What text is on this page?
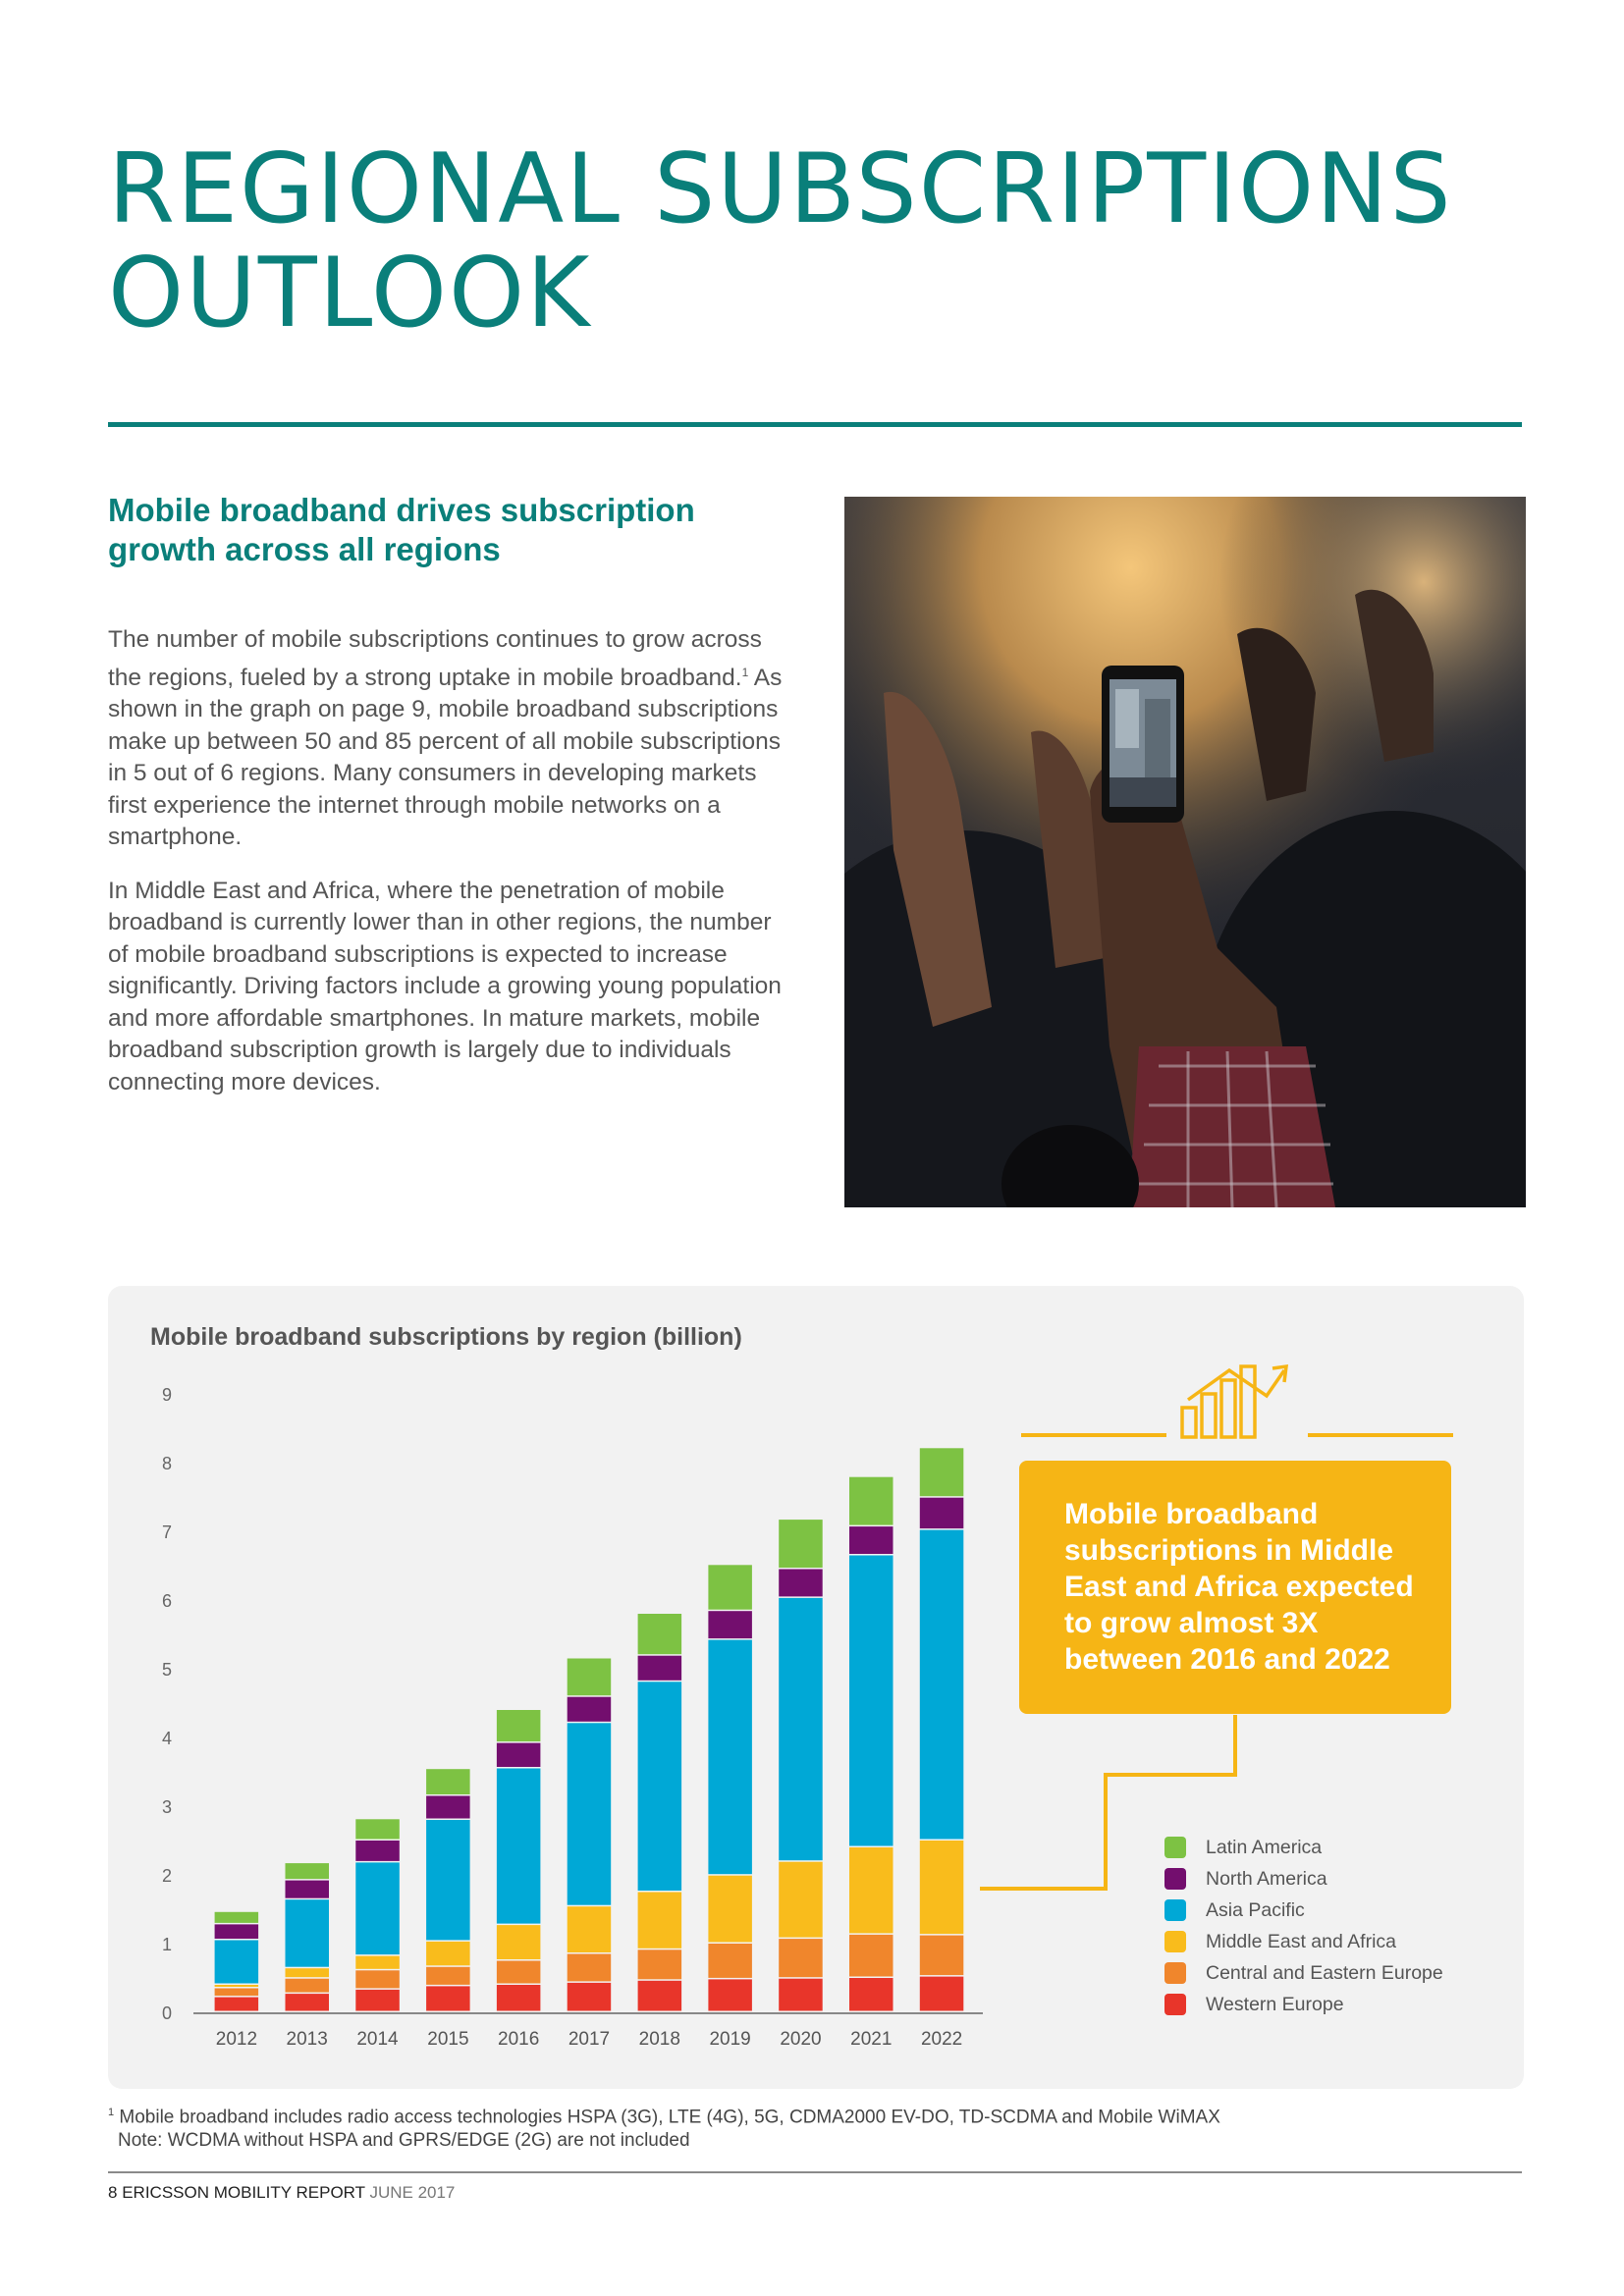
REGIONAL SUBSCRIPTIONS
OUTLOOK
Mobile broadband drives subscription growth across all regions

The number of mobile subscriptions continues to grow across the regions, fueled by a strong uptake in mobile broadband.$^1$ As shown in the graph on page 9, mobile broadband subscriptions make up between 50 and 85 percent of all mobile subscriptions in 5 out of 6 regions. Many consumers in developing markets first experience the internet through mobile networks on a smartphone.

In Middle East and Africa, where the penetration of mobile broadband is currently lower than in other regions, the number of mobile broadband subscriptions is expected to increase significantly. Driving factors include a growing young population and more affordable smartphones. In mature markets, mobile broadband subscription growth is largely due to individuals connecting more devices.

Mobile broadband subscriptions by region (billion)
0
1
2
3
4
5
6
7
8
9
2012 2013 2014 2015 2016 2017 2018 2019 2020 2021 2022
Mobile broadband subscriptions in Middle East and Africa expected to grow almost 3X between 2016 and 2022
Latin America
North America
Asia Pacific
Middle East and Africa
Central and Eastern Europe
Western Europe
$^1$ Mobile broadband includes radio access technologies HSPA (3G), LTE (4G), 5G, CDMA2000 EV-DO, TD-SCDMA and Mobile WiMAX
Note: WCDMA without HSPA and GPRS/EDGE (2G) are not included
8 ERICSSON MOBILITY REPORT JUNE 2017
